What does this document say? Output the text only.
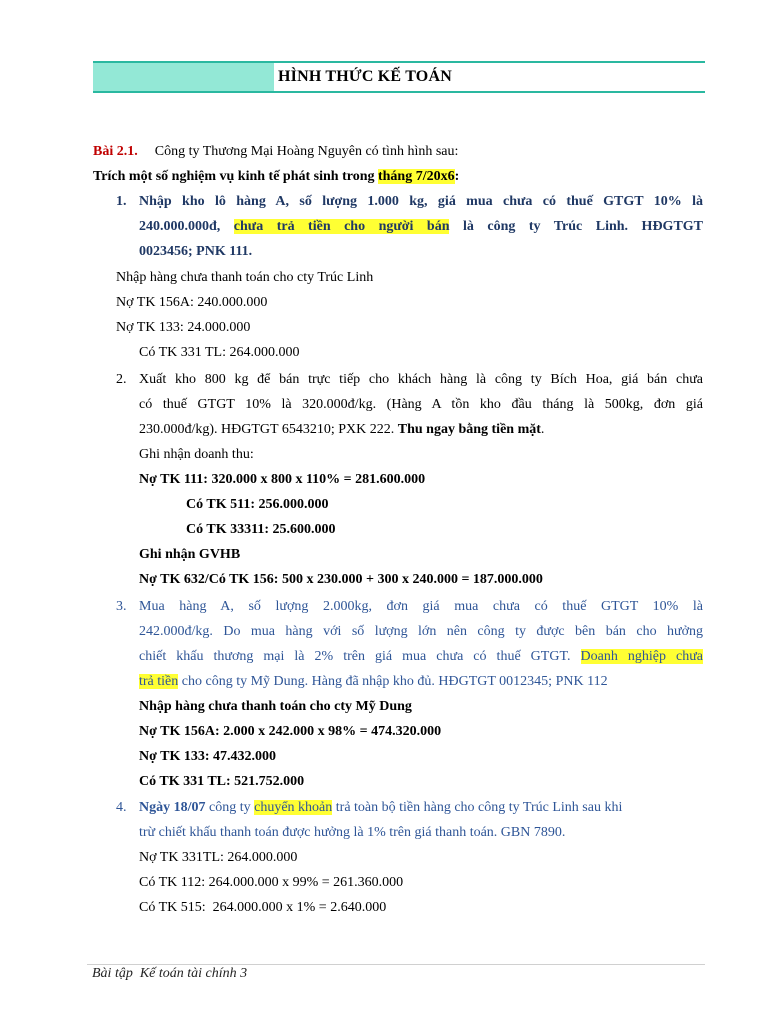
HÌNH THỨC KẾ TOÁN
Bài 2.1. Công ty Thương Mại Hoàng Nguyên có tình hình sau:
Trích một số nghiệm vụ kinh tế phát sinh trong tháng 7/20x6:
1. Nhập kho lô hàng A, số lượng 1.000 kg, giá mua chưa có thuế GTGT 10% là
240.000.000đ, chưa trả tiền cho người bán là công ty Trúc Linh. HĐGTGT
0023456; PNK 111.
Nhập hàng chưa thanh toán cho cty Trúc Linh
Nợ TK 156A: 240.000.000
Nợ TK 133: 24.000.000
Có TK 331 TL: 264.000.000
2. Xuất kho 800 kg để bán trực tiếp cho khách hàng là công ty Bích Hoa, giá bán chưa
có thuế GTGT 10% là 320.000đ/kg. (Hàng A tồn kho đầu tháng là 500kg, đơn giá
230.000đ/kg). HĐGTGT 6543210; PXK 222. Thu ngay bằng tiền mặt.
Ghi nhận doanh thu:
Nợ TK 111: 320.000 x 800 x 110% = 281.600.000
Có TK 511: 256.000.000
Có TK 33311: 25.600.000
Ghi nhận GVHB
Nợ TK 632/Có TK 156: 500 x 230.000 + 300 x 240.000 = 187.000.000
3. Mua hàng A, số lượng 2.000kg, đơn giá mua chưa có thuế GTGT 10% là
242.000đ/kg. Do mua hàng với số lượng lớn nên công ty được bên bán cho hưởng
chiết khấu thương mại là 2% trên giá mua chưa có thuế GTGT. Doanh nghiệp chưa
trả tiền cho công ty Mỹ Dung. Hàng đã nhập kho đủ. HĐGTGT 0012345; PNK 112
Nhập hàng chưa thanh toán cho cty Mỹ Dung
Nợ TK 156A: 2.000 x 242.000 x 98% = 474.320.000
Nợ TK 133: 47.432.000
Có TK 331 TL: 521.752.000
4. Ngày 18/07 công ty chuyển khoản trả toàn bộ tiền hàng cho công ty Trúc Linh sau khi
trừ chiết khấu thanh toán được hưởng là 1% trên giá thanh toán. GBN 7890.
Nợ TK 331TL: 264.000.000
Có TK 112: 264.000.000 x 99% = 261.360.000
Có TK 515:  264.000.000 x 1% = 2.640.000
Bài tập  Kế toán tài chính 3
